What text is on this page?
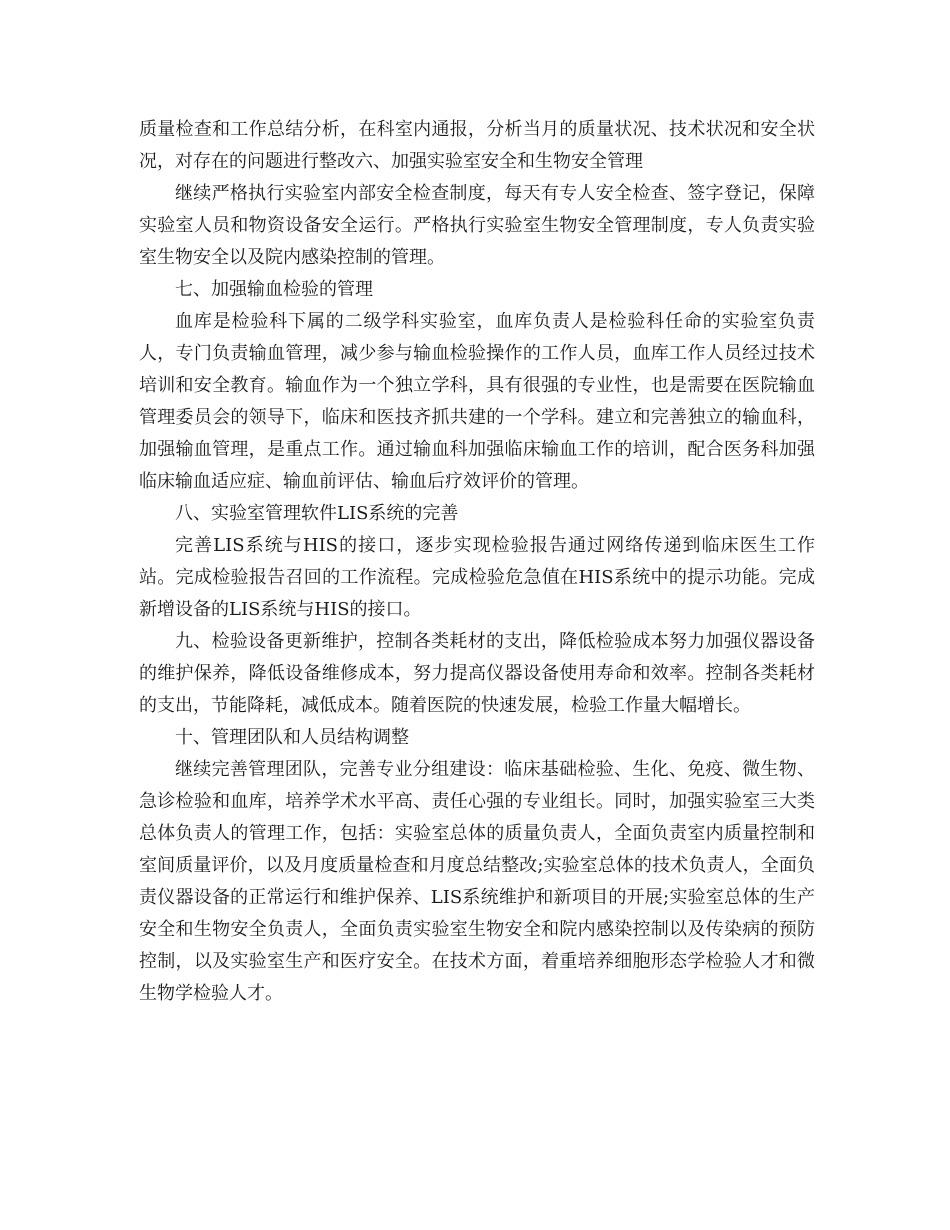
质量检查和工作总结分析，在科室内通报，分析当月的质量状况、技术状况和安全状况，对存在的问题进行整改六、加强实验室安全和生物安全管理

继续严格执行实验室内部安全检查制度，每天有专人安全检查、签字登记，保障实验室人员和物资设备安全运行。严格执行实验室生物安全管理制度，专人负责实验室生物安全以及院内感染控制的管理。

七、加强输血检验的管理

血库是检验科下属的二级学科实验室，血库负责人是检验科任命的实验室负责人，专门负责输血管理，减少参与输血检验操作的工作人员，血库工作人员经过技术培训和安全教育。输血作为一个独立学科，具有很强的专业性，也是需要在医院输血管理委员会的领导下，临床和医技齐抓共建的一个学科。建立和完善独立的输血科，加强输血管理，是重点工作。通过输血科加强临床输血工作的培训，配合医务科加强临床输血适应症、输血前评估、输血后疗效评价的管理。

八、实验室管理软件LIS系统的完善

完善LIS系统与HIS的接口，逐步实现检验报告通过网络传递到临床医生工作站。完成检验报告召回的工作流程。完成检验危急值在HIS系统中的提示功能。完成新增设备的LIS系统与HIS的接口。

九、检验设备更新维护，控制各类耗材的支出，降低检验成本努力加强仪器设备的维护保养，降低设备维修成本，努力提高仪器设备使用寿命和效率。控制各类耗材的支出，节能降耗，减低成本。随着医院的快速发展，检验工作量大幅增长。

十、管理团队和人员结构调整

继续完善管理团队，完善专业分组建设：临床基础检验、生化、免疫、微生物、急诊检验和血库，培养学术水平高、责任心强的专业组长。同时，加强实验室三大类总体负责人的管理工作，包括：实验室总体的质量负责人，全面负责室内质量控制和室间质量评价，以及月度质量检查和月度总结整改;实验室总体的技术负责人，全面负责仪器设备的正常运行和维护保养、LIS系统维护和新项目的开展;实验室总体的生产安全和生物安全负责人，全面负责实验室生物安全和院内感染控制以及传染病的预防控制，以及实验室生产和医疗安全。在技术方面，着重培养细胞形态学检验人才和微生物学检验人才。
